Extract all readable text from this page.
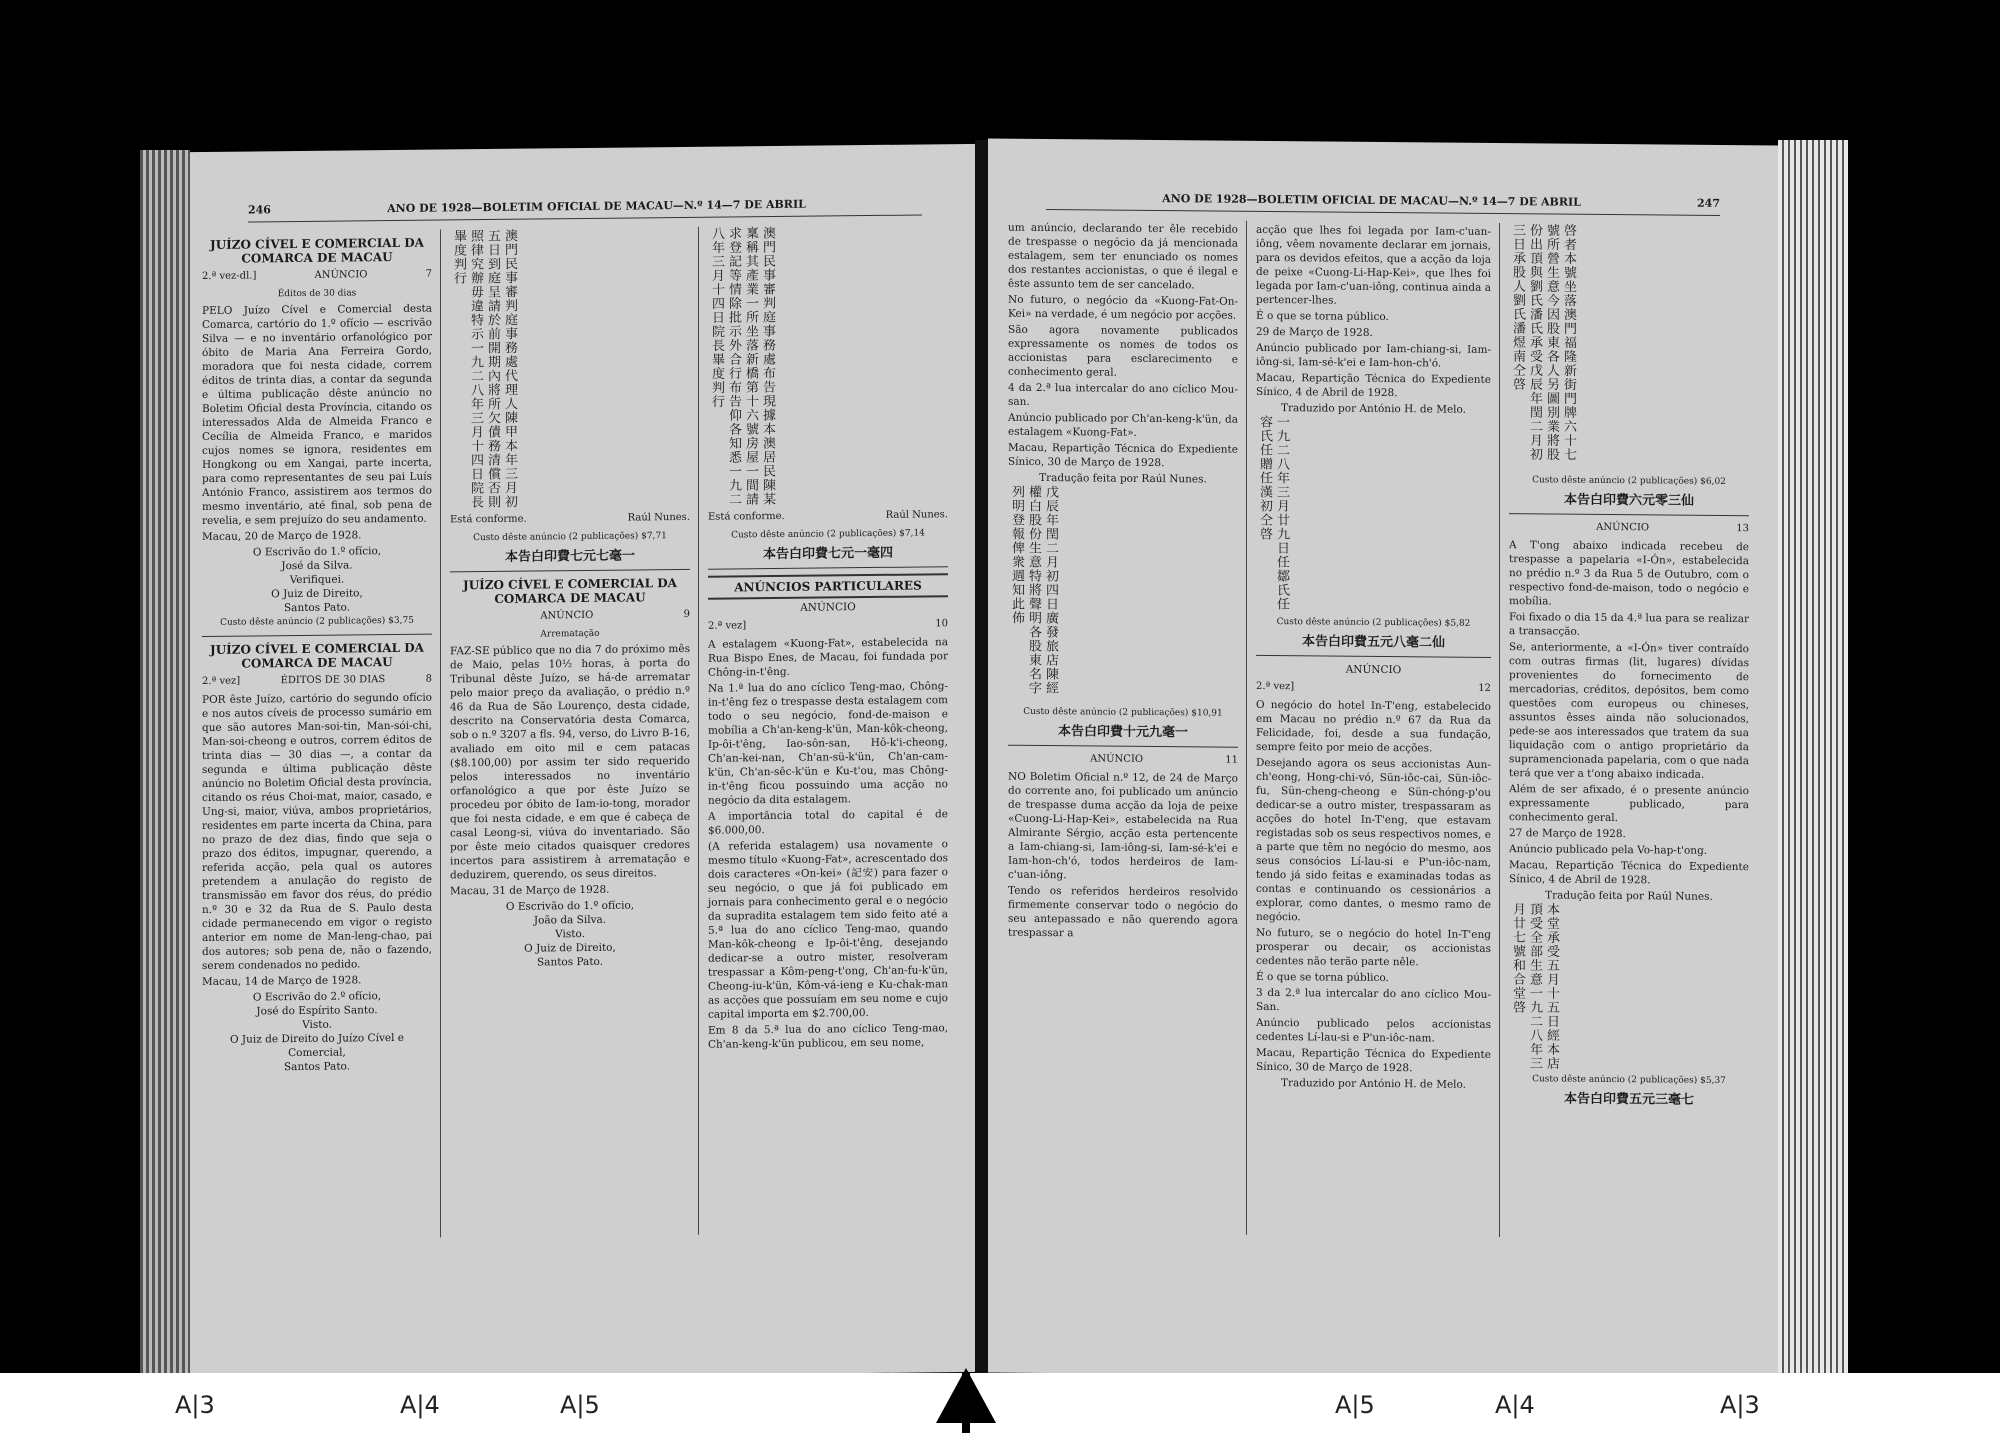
246	ANO DE 1928—BOLETIM OFICIAL DE MACAU—N.º 14—7 DE ABRIL
JUÍZO CÍVEL E COMERCIAL DA COMARCA DE MACAU
2.ª vez-dl.]	ANÚNCIO	7
Éditos de 30 dias

PELO Juízo Cível e Comercial desta Comarca, cartório do 1.º ofício — escrivão Silva — e no inventário orfanológico por óbito de Maria Ana Ferreira Gordo, moradora que foi nesta cidade, correm éditos de trinta dias, a contar da segunda e última publicação dêste anúncio no Boletim Oficial desta Província, citando os interessados Alda de Almeida Franco e Cecília de Almeida Franco, e maridos cujos nomes se ignora, residentes em Hongkong ou em Xangai, parte incerta, para como representantes de seu pai Luís António Franco, assistirem aos termos do mesmo inventário, até final, sob pena de revelia, e sem prejuízo do seu andamento.

Macau, 20 de Março de 1928.

O Escrivão do 1.º ofício,
José da Silva.
Verifiquei.
O Juiz de Direito,
Santos Pato.
Custo dêste anúncio (2 publicações) $3,75
JUÍZO CÍVEL E COMERCIAL DA COMARCA DE MACAU
2.ª vez]	ÉDITOS DE 30 DIAS	8

POR êste Juízo, cartório do segundo ofício e nos autos cíveis de processo sumário em que são autores Man-soi-tin, Man-sói-chi, Man-soi-cheong e outros, correm éditos de trinta dias — 30 dias —, a contar da segunda e última publicação dêste anúncio no Boletim Oficial desta província, citando os réus Choi-mat, maior, casado, e Ung-si, maior, viúva, ambos proprietários, residentes em parte incerta da China, para no prazo de dez dias, findo que seja o prazo dos éditos, impugnar, querendo, a referida acção, pela qual os autores pretendem a anulação do registo de transmissão em favor dos réus, do prédio n.º 30 e 32 da Rua de S. Paulo desta cidade permanecendo em vigor o registo anterior em nome de Man-leng-chao, pai dos autores; sob pena de, não o fazendo, serem condenados no pedido.

Macau, 14 de Março de 1928.

O Escrivão do 2.º ofício,
José do Espírito Santo.
Visto.
O Juiz de Direito do Juízo Cível e Comercial,
Santos Pato.
澳門民事審判庭事務處代理人陳甲本年三月初五日到庭呈請於前開期內將所欠債務清償否則照律究辦毋違特示一九二八年三月十四日院長畢度判行
Está conforme.	Raúl Nunes.
Custo dêste anúncio (2 publicações) $7,71
本告白印費七元七毫一
JUÍZO CÍVEL E COMERCIAL DA COMARCA DE MACAU
ANÚNCIO	9
Arrematação

FAZ-SE público que no dia 7 do próximo mês de Maio, pelas 10½ horas, à porta do Tribunal dêste Juízo, se há-de arrematar pelo maior preço da avaliação, o prédio n.º 46 da Rua de São Lourenço, desta cidade, descrito na Conservatória desta Comarca, sob o n.º 3207 a fls. 94, verso, do Livro B-16, avaliado em oito mil e cem patacas ($8.100,00) por assim ter sido requerido pelos interessados no inventário orfanológico a que por êste Juízo se procedeu por óbito de Iam-io-tong, morador que foi nesta cidade, e em que é cabeça de casal Leong-si, viúva do inventariado. São por êste meio citados quaisquer credores incertos para assistirem à arrematação e deduzirem, querendo, os seus direitos.

Macau, 31 de Março de 1928.

O Escrivão do 1.º ofício,
João da Silva.
Visto.
O Juiz de Direito,
Santos Pato.
澳門民事審判庭事務處布告現據本澳居民陳某稟稱其產業一所坐落新橋第十六號房屋一間請求登記等情除批示外合行布告仰各知悉一九二八年三月十四日院長畢度判行
Está conforme.	Raúl Nunes.
Custo dêste anúncio (2 publicações) $7,14
本告白印費七元一毫四
ANÚNCIOS PARTICULARES
ANÚNCIO
2.ª vez]	10

A estalagem «Kuong-Fat», estabelecida na Rua Bispo Enes, de Macau, foi fundada por Chông-in-t'êng.

Na 1.ª lua do ano cíclico Teng-mao, Chông-in-t'êng fez o trespasse desta estalagem com todo o seu negócio, fond-de-maison e mobília a Ch'an-keng-k'ün, Man-kôk-cheong, Ip-ôi-t'êng, Iao-sôn-san, Hô-k'i-cheong, Ch'an-kei-nan, Ch'an-sü-k'ün, Ch'an-cam-k'ün, Ch'an-sêc-k'ün e Ku-t'ou, mas Chông-in-t'êng ficou possuindo uma acção no negócio da dita estalagem.

A importância total do capital é de $6.000,00.

(A referida estalagem) usa novamente o mesmo título «Kuong-Fat», acrescentado dos dois caracteres «On-kei» (記安) para fazer o seu negócio, o que já foi publicado em jornais para conhecimento geral e o negócio da supradita estalagem tem sido feito até a 5.ª lua do ano cíclico Teng-mao, quando Man-kôk-cheong e Ip-ôi-t'êng, desejando dedicar-se a outro mister, resolveram trespassar a Kôm-peng-t'ong, Ch'an-fu-k'ün, Cheong-iu-k'ün, Kôm-vá-ieng e Ku-chak-man as acções que possuíam em seu nome e cujo capital importa em $2.700,00.

Em 8 da 5.ª lua do ano cíclico Teng-mao, Ch'an-keng-k'ün publicou, em seu nome,

ANO DE 1928—BOLETIM OFICIAL DE MACAU—N.º 14—7 DE ABRIL	247

um anúncio, declarando ter êle recebido de trespasse o negócio da já mencionada estalagem, sem ter enunciado os nomes dos restantes accionistas, o que é ilegal e êste assunto tem de ser cancelado.

No futuro, o negócio da «Kuong-Fat-On-Kei» na verdade, é um negócio por acções.

São agora novamente publicados expressamente os nomes de todos os accionistas para esclarecimento e conhecimento geral.

4 da 2.ª lua intercalar do ano cíclico Mou-san.

Anúncio publicado por Ch'an-keng-k'ün, da estalagem «Kuong-Fat».

Macau, Repartição Técnica do Expediente Sínico, 30 de Março de 1928.

Tradução feita por Raúl Nunes.
戊辰年閏二月初四日廣發旅店陳經權白股份生意特將聲明各股東名字列明登報俾衆週知此佈
Custo dêste anúncio (2 publicações) $10,91
本告白印費十元九毫一
ANÚNCIO	11

NO Boletim Oficial n.º 12, de 24 de Março do corrente ano, foi publicado um anúncio de trespasse duma acção da loja de peixe «Cuong-Li-Hap-Kei», estabelecida na Rua Almirante Sérgio, acção esta pertencente a Iam-chiang-si, Iam-iông-si, Iam-sé-k'ei e Iam-hon-ch'ó, todos herdeiros de Iam-c'uan-iông.

Tendo os referidos herdeiros resolvido firmemente conservar todo o negócio do seu antepassado e não querendo agora trespassar a

acção que lhes foi legada por Iam-c'uan-iông, vêem novamente declarar em jornais, para os devidos efeitos, que a acção da loja de peixe «Cuong-Li-Hap-Kei», que lhes foi legada por Iam-c'uan-iông, continua ainda a pertencer-lhes.

É o que se torna público.

29 de Março de 1928.

Anúncio publicado por Iam-chiang-si, Iam-iông-si, Iam-sé-k'ei e Iam-hon-ch'ó.

Macau, Repartição Técnica do Expediente Sínico, 4 de Abril de 1928.

Traduzido por António H. de Melo.
一九二八年三月廿九日任鄒氏任容氏任贈任漢初仝啓
Custo dêste anúncio (2 publicações) $5,82
本告白印費五元八毫二仙
ANÚNCIO
2.ª vez]	12

O negócio do hotel In-T'eng, estabelecido em Macau no prédio n.º 67 da Rua da Felicidade, foi, desde a sua fundação, sempre feito por meio de acções.

Desejando agora os seus accionistas Aun-ch'eong, Hong-chi-vó, Sün-iôc-cai, Sün-iôc-fu, Sün-cheng-cheong e Sün-chóng-p'ou dedicar-se a outro mister, trespassaram as acções do hotel In-T'eng, que estavam registadas sob os seus respectivos nomes, e a parte que têm no negócio do mesmo, aos seus consócios Lí-lau-si e P'un-iôc-nam, tendo já sido feitas e examinadas todas as contas e continuando os cessionários a explorar, como dantes, o mesmo ramo de negócio.

No futuro, se o negócio do hotel In-T'eng prosperar ou decair, os accionistas cedentes não terão parte nêle.

É o que se torna público.

3 da 2.ª lua intercalar do ano cíclico Mou-San.

Anúncio publicado pelos accionistas cedentes Lí-lau-si e P'un-iôc-nam.

Macau, Repartição Técnica do Expediente Sínico, 30 de Março de 1928.

Traduzido por António H. de Melo.
啓者本號坐落澳門福隆新街門牌六十七號所營生意今因股東各人另圖別業將股份出頂與劉氏潘氏承受戊辰年閏二月初三日承股人劉氏潘煜南仝啓
Custo dêste anúncio (2 publicações) $6,02
本告白印費六元零三仙
ANÚNCIO	13

A T'ong abaixo indicada recebeu de trespasse a papelaria «I-Ón», estabelecida no prédio n.º 3 da Rua 5 de Outubro, com o respectivo fond-de-maison, todo o negócio e mobília.

Foi fixado o dia 15 da 4.ª lua para se realizar a transacção.

Se, anteriormente, a «I-Ón» tiver contraído com outras firmas (lit, lugares) dívidas provenientes do fornecimento de mercadorias, créditos, depósitos, bem como questões com europeus ou chineses, assuntos êsses ainda não solucionados, pede-se aos interessados que tratem da sua liquidação com o antigo proprietário da supramencionada papelaria, com o que nada terá que ver a t'ong abaixo indicada.

Além de ser afixado, é o presente anúncio expressamente publicado, para conhecimento geral.

27 de Março de 1928.

Anúncio publicado pela Vo-hap-t'ong.

Macau, Repartição Técnica do Expediente Sínico, 4 de Abril de 1928.

Tradução feita por Raúl Nunes.
本堂承受五月十五日經本店頂受全部生意一九二八年三月廿七號和合堂啓
Custo dêste anúncio (2 publicações) $5,37
本告白印費五元三毫七
A|3	A|4	A|5	A|5	A|4	A|3
